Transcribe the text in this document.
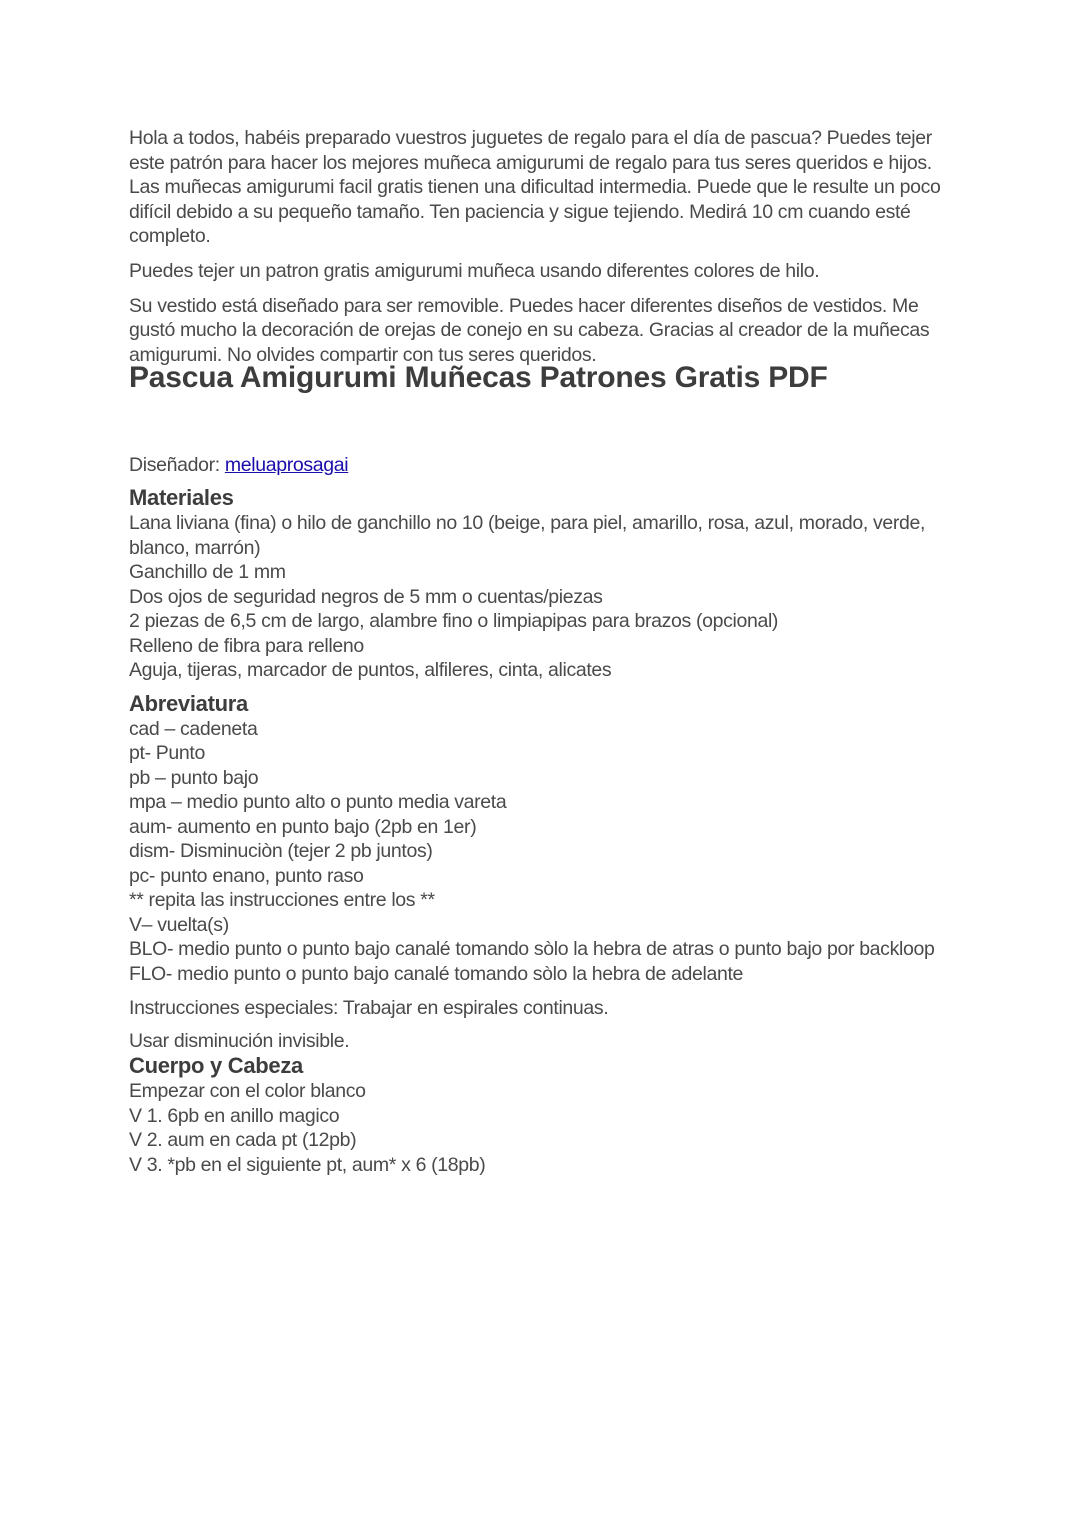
Hola a todos, habéis preparado vuestros juguetes de regalo para el día de pascua? Puedes tejer este patrón para hacer los mejores muñeca amigurumi de regalo para tus seres queridos e hijos. Las muñecas amigurumi facil gratis tienen una dificultad intermedia. Puede que le resulte un poco difícil debido a su pequeño tamaño. Ten paciencia y sigue tejiendo. Medirá 10 cm cuando esté completo.

Puedes tejer un patron gratis amigurumi muñeca usando diferentes colores de hilo.

Su vestido está diseñado para ser removible. Puedes hacer diferentes diseños de vestidos. Me gustó mucho la decoración de orejas de conejo en su cabeza. Gracias al creador de la muñecas amigurumi. No olvides compartir con tus seres queridos.

Pascua Amigurumi Muñecas Patrones Gratis PDF
Diseñador: meluaprosagai
Materiales
Lana liviana (fina) o hilo de ganchillo no 10 (beige, para piel, amarillo, rosa, azul, morado, verde, blanco, marrón)
Ganchillo de 1 mm
Dos ojos de seguridad negros de 5 mm o cuentas/piezas
2 piezas de 6,5 cm de largo, alambre fino o limpiapipas para brazos (opcional)
Relleno de fibra para relleno
Aguja, tijeras, marcador de puntos, alfileres, cinta, alicates
Abreviatura
cad – cadeneta
pt- Punto
pb – punto bajo
mpa – medio punto alto o punto media vareta
aum- aumento en punto bajo (2pb en 1er)
dism- Disminuciòn (tejer 2 pb juntos)
pc- punto enano, punto raso
** repita las instrucciones entre los **
V– vuelta(s)
BLO- medio punto o punto bajo canalé tomando sòlo la hebra de atras o punto bajo por backloop
FLO- medio punto o punto bajo canalé tomando sòlo la hebra de adelante

Instrucciones especiales: Trabajar en espirales continuas.

Usar disminución invisible.

Cuerpo y Cabeza
Empezar con el color blanco
V 1. 6pb en anillo magico
V 2. aum en cada pt (12pb)
V 3. *pb en el siguiente pt, aum* x 6 (18pb)
